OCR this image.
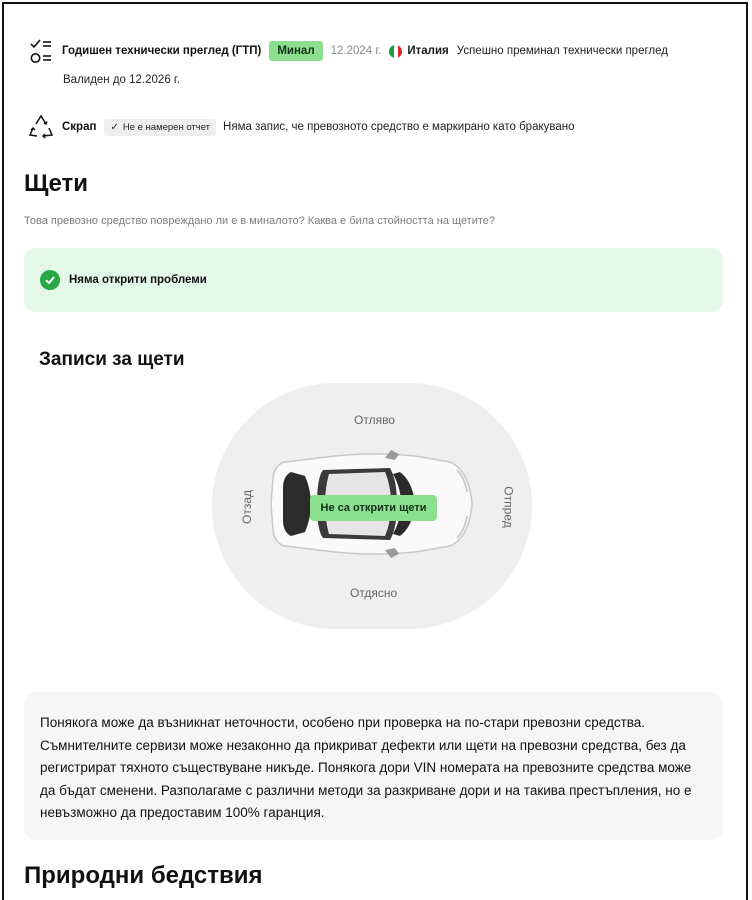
Годишен технически преглед (ГТП)	Минал	12.2024 г. Италия Успешно преминал технически преглед
Валиден до 12.2026 г.
Скрап ✓ Не е намерен отчет Няма запис, че превозното средство е маркирано като бракувано
Щети
Това превозно средство повреждано ли е в миналото? Каква е била стойността на щетите?
Няма открити проблеми
Записи за щети
Отляво
Отдясно
Отзад	Отпред
Не са открити щети

Понякога може да възникнат неточности, особено при проверка на по-стари превозни средства. Съмнителните сервизи може незаконно да прикриват дефекти или щети на превозни средства, без да регистрират тяхното съществуване никъде. Понякога дори VIN номерата на превозните средства може да бъдат сменени. Разполагаме с различни методи за разкриване дори и на такива престъпления, но е невъзможно да предоставим 100% гаранция.

Природни бедствия
